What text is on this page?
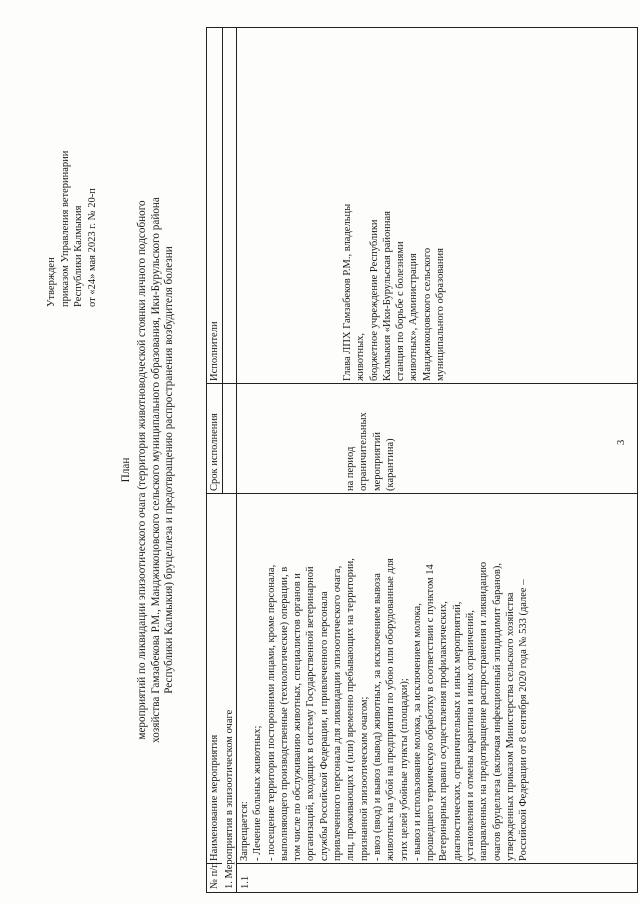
Утвержден приказом Управления ветеринарии Республики Калмыкия от «24» мая 2023 г. № 20-п
План мероприятий по ликвидации эпизоотического очага (территория животноводческой стоянки личного подсобного хозяйства Гамзабекова Р.М., Манджикоцовского сельского муниципального образования, Ики-Бурульского района Республики Калмыкия) бруцеллеза и предотвращению распространения возбудителя болезни
№ п/п
Наименование мероприятия
Срок исполнения
Исполнители
1. Мероприятия в эпизоотическом очаге 1.1
Запрещается: - Лечение больных животных; - посещение территории посторонними лицами, кроме персонала, выполняющего производственные (технологические) операции, в том числе по обслуживанию животных, специалистов органов и организаций, входящих в систему Государственной ветеринарной службы Российской Федерации, и привлеченного персонала привлеченного персонала для ликвидации эпизоотического очага, лиц, проживающих и (или) временно пребывающих на территории, признанной эпизоотическим очагом; - ввоз (ввод) и вывоз (вывод) животных, за исключением вывоза животных на убой на предприятия по убою или оборудованные для этих целей убойные пункты (площадки); - вывоз и использование молока, за исключением молока, прошедшего термическую обработку в соответствии с пунктом 14 Ветеринарных правил осуществления профилактических, диагностических, ограничительных и иных мероприятий, установления и отмены карантина и иных ограничений, направленных на предотвращение распространения и ликвидацию очагов бруцеллеза (включая инфекционный эпидидимит баранов), утвержденных приказом Министерства сельского хозяйства Российской Федерации от 8 сентября 2020 года № 533 (далее –
на период ограничительных мероприятий (карантина)
Глава ЛПХ Гамзабеков Р.М., владельцы животных, бюджетное учреждение Республики Калмыкия «Ики-Бурульская районная станция по борьбе с болезнями животных», Администрация Манджикоцовского сельского муниципального образования
3
